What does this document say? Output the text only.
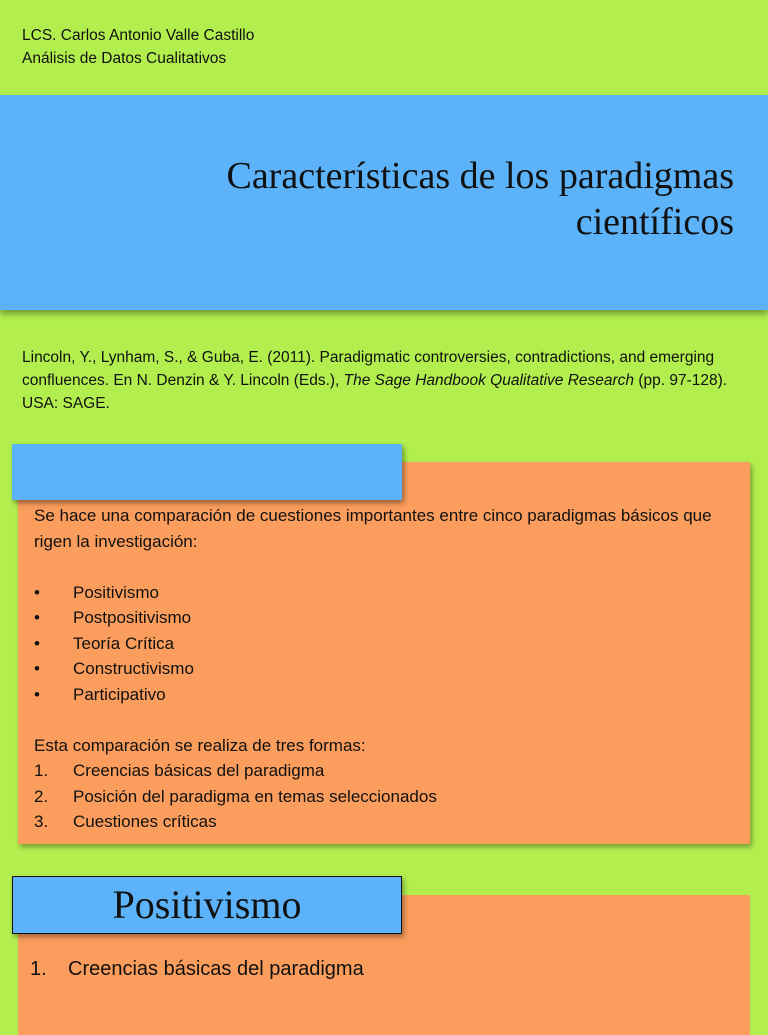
LCS. Carlos Antonio Valle Castillo
Análisis de Datos Cualitativos
Características de los paradigmas
científicos
Lincoln, Y., Lynham, S., & Guba, E. (2011). Paradigmatic controversies, contradictions, and emerging confluences. En N. Denzin & Y. Lincoln (Eds.), The Sage Handbook Qualitative Research (pp. 97-128). USA: SAGE.

Se hace una comparación de cuestiones importantes entre cinco paradigmas básicos que rigen la investigación:

• Positivismo
• Postpositivismo
• Teoría Crítica
• Constructivismo
• Participativo

Esta comparación se realiza de tres formas:

1. Creencias básicas del paradigma
2. Posición del paradigma en temas seleccionados
3. Cuestiones críticas
Positivismo
1. Creencias básicas del paradigma
